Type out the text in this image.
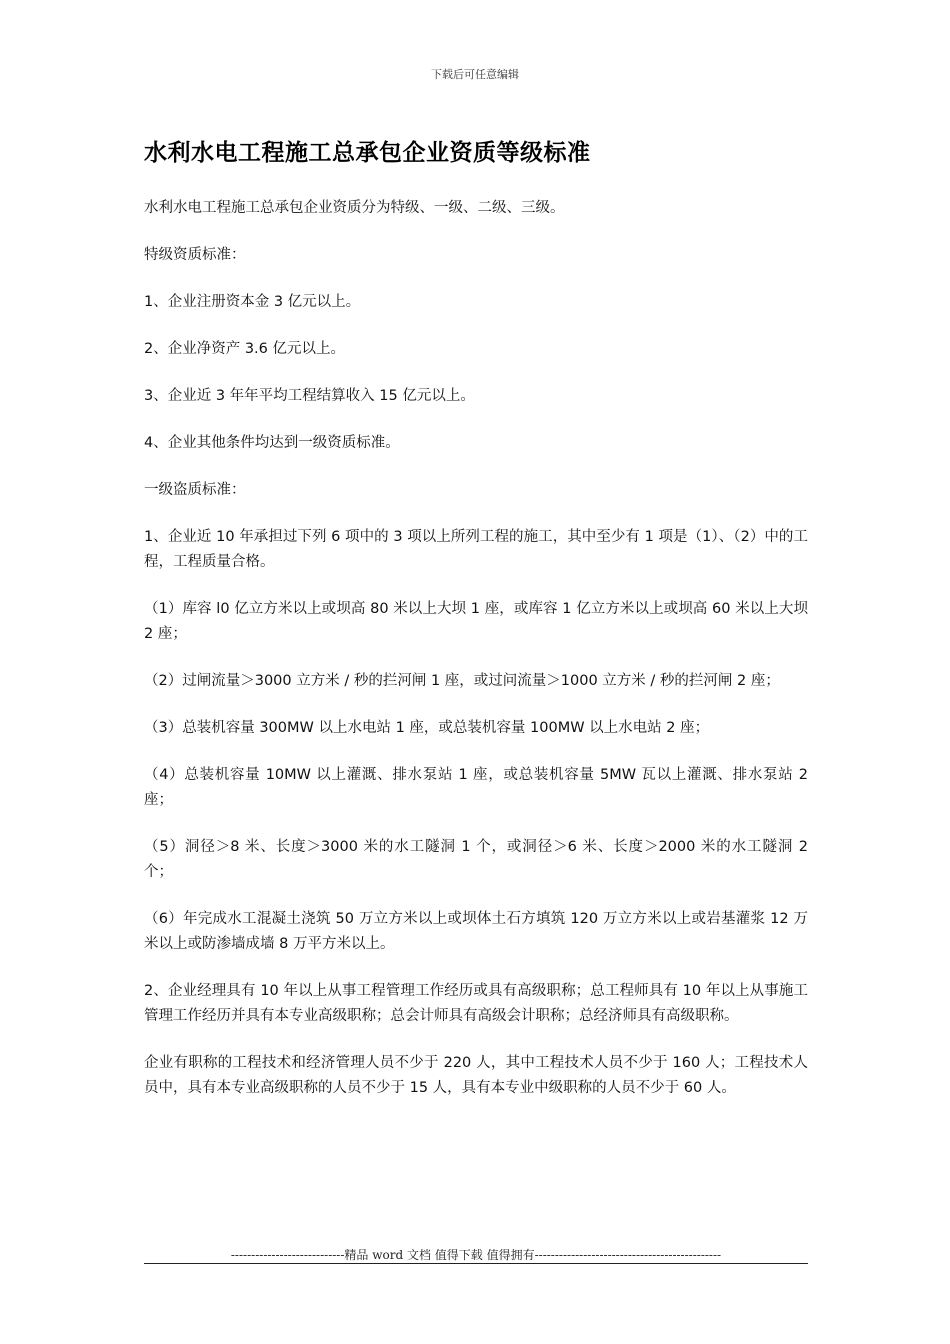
下载后可任意编辑
水利水电工程施工总承包企业资质等级标准

水利水电工程施工总承包企业资质分为特级、一级、二级、三级。

特级资质标准：

1、企业注册资本金 3 亿元以上。

2、企业净资产 3.6 亿元以上。

3、企业近 3 年年平均工程结算收入 15 亿元以上。

4、企业其他条件均达到一级资质标准。

一级盗质标准：

1、企业近 10 年承担过下列 6 项中的 3 项以上所列工程的施工，其中至少有 1 项是（1）、（2）中的工程，工程质量合格。

（1）库容 l0 亿立方米以上或坝高 80 米以上大坝 1 座，或库容 1 亿立方米以上或坝高 60 米以上大坝 2 座；

（2）过闸流量＞3000 立方米 / 秒的拦河闸 1 座，或过问流量＞1000 立方米 / 秒的拦河闸 2 座；

（3）总装机容量 300MW 以上水电站 1 座，或总装机容量 100MW 以上水电站 2 座；

（4）总装机容量 10MW 以上灌溉、排水泵站 1 座，或总装机容量 5MW 瓦以上灌溉、排水泵站 2 座；

（5）洞径＞8 米、长度＞3000 米的水工隧洞 1 个，或洞径＞6 米、长度＞2000 米的水工隧洞 2 个；

（6）年完成水工混凝土浇筑 50 万立方米以上或坝体土石方填筑 120 万立方米以上或岩基灌浆 12 万米以上或防渗墙成墙 8 万平方米以上。

2、企业经理具有 10 年以上从事工程管理工作经历或具有高级职称；总工程师具有 10 年以上从事施工管理工作经历并具有本专业高级职称；总会计师具有高级会计职称；总经济师具有高级职称。

企业有职称的工程技术和经济管理人员不少于 220 人，其中工程技术人员不少于 160 人；工程技术人员中，具有本专业高级职称的人员不少于 15 人，具有本专业中级职称的人员不少于 60 人。

----------------------------精品 word 文档 值得下载 值得拥有----------------------------------------------
